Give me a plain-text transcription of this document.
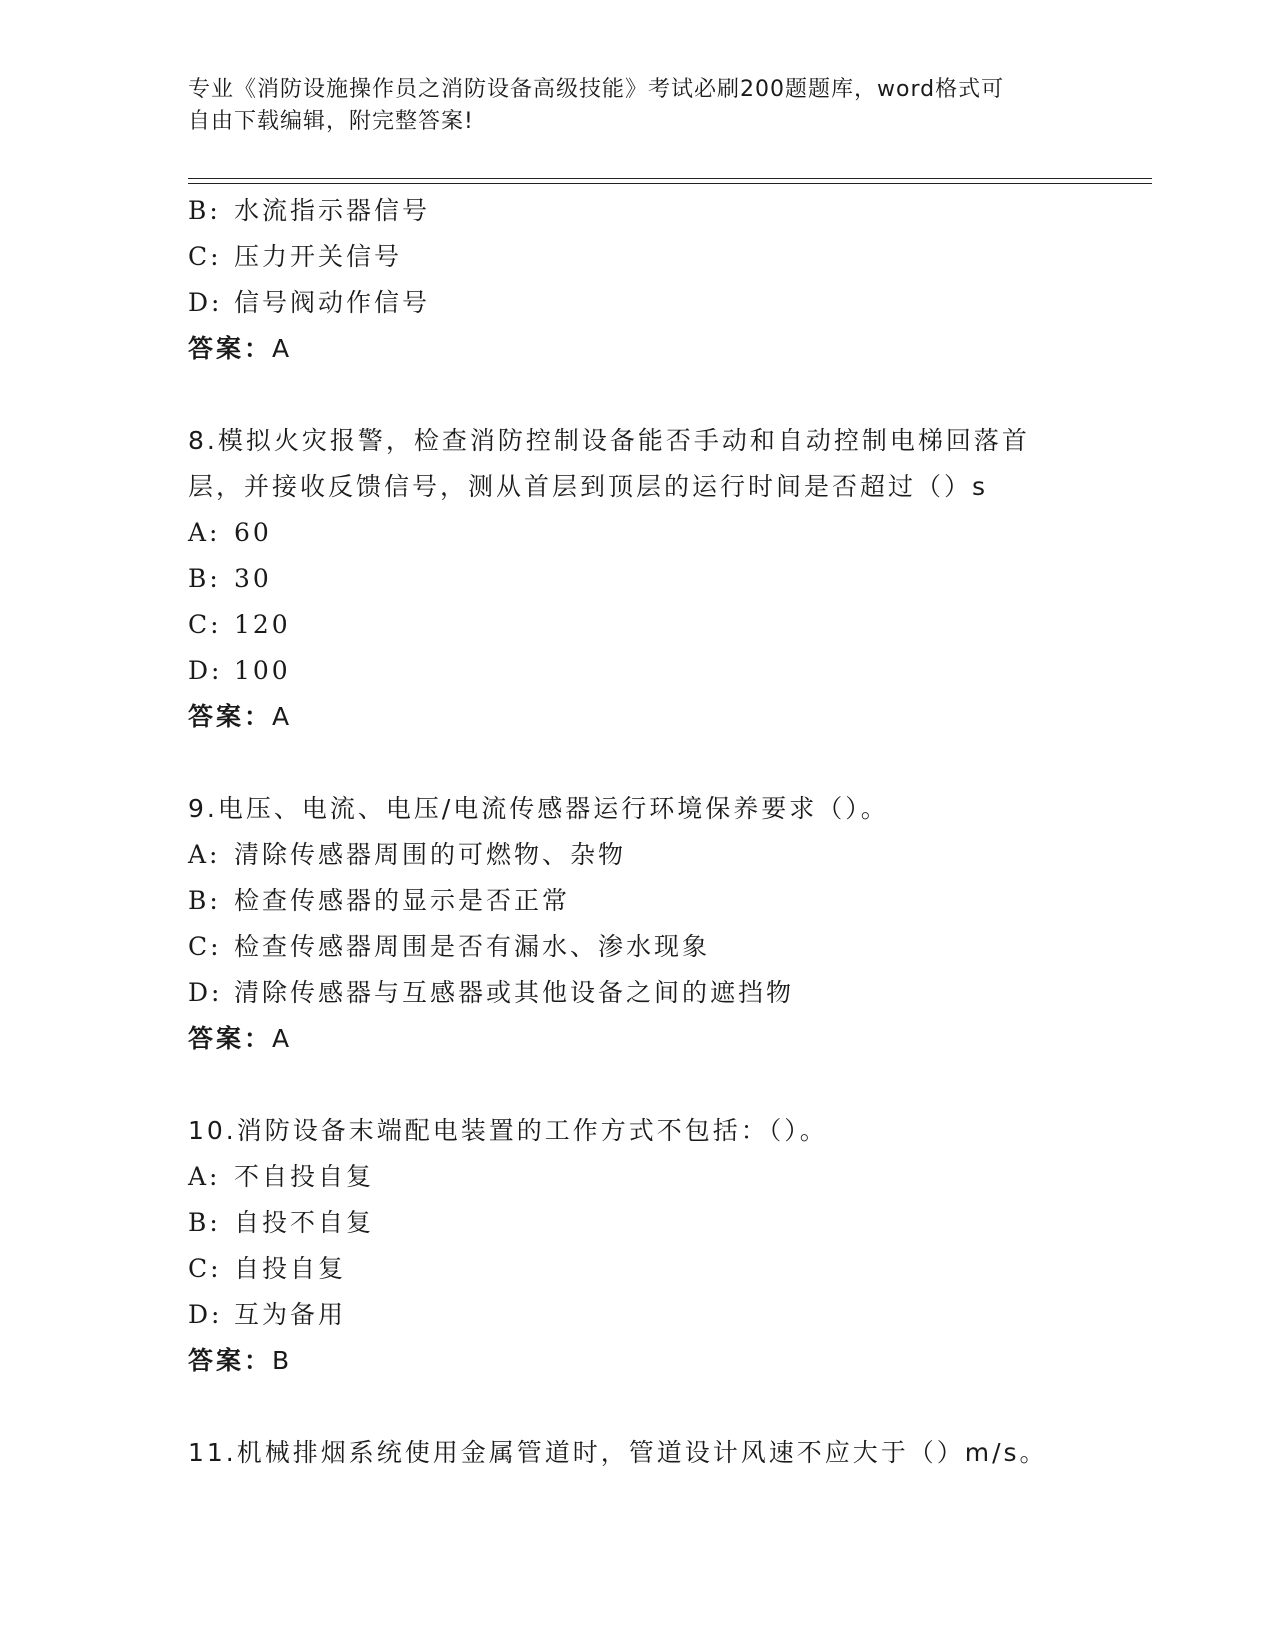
专业《消防设施操作员之消防设备高级技能》考试必刷200题题库，word格式可
自由下载编辑，附完整答案!
B: 水流指示器信号
C: 压力开关信号
D: 信号阀动作信号
答案：A
8.模拟火灾报警，检查消防控制设备能否手动和自动控制电梯回落首
层，并接收反馈信号，测从首层到顶层的运行时间是否超过（）s
A: 60
B: 30
C: 120
D: 100
答案：A
9.电压、电流、电压/电流传感器运行环境保养要求（）。
A: 清除传感器周围的可燃物、杂物
B: 检查传感器的显示是否正常
C: 检查传感器周围是否有漏水、渗水现象
D: 清除传感器与互感器或其他设备之间的遮挡物
答案：A
10.消防设备末端配电装置的工作方式不包括：（）。
A: 不自投自复
B: 自投不自复
C: 自投自复
D: 互为备用
答案：B
11.机械排烟系统使用金属管道时，管道设计风速不应大于（）m/s。
